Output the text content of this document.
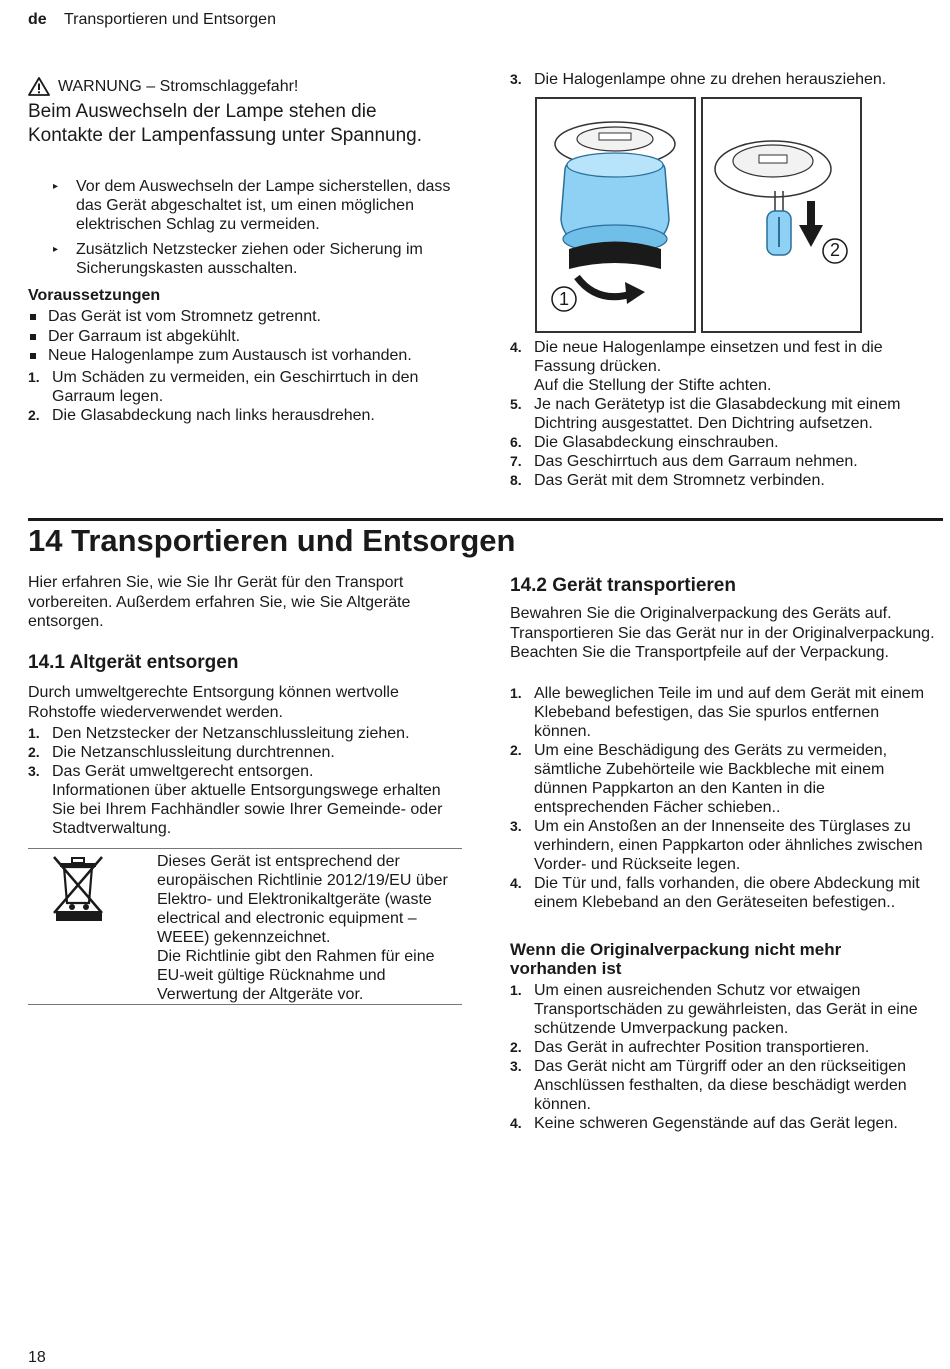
de Transportieren und Entsorgen
WARNUNG – Stromschlaggefahr!
Beim Auswechseln der Lampe stehen die Kontakte der Lampenfassung unter Spannung.
▸	Vor dem Auswechseln der Lampe sicherstellen, dass das Gerät abgeschaltet ist, um einen möglichen elektrischen Schlag zu vermeiden.
▸	Zusätzlich Netzstecker ziehen oder Sicherung im Sicherungskasten ausschalten.
Voraussetzungen
Das Gerät ist vom Stromnetz getrennt.
Der Garraum ist abgekühlt.
Neue Halogenlampe zum Austausch ist vorhanden.
1. Um Schäden zu vermeiden, ein Geschirrtuch in den Garraum legen.
2. Die Glasabdeckung nach links herausdrehen.
3. Die Halogenlampe ohne zu drehen herausziehen.
1
2
4. Die neue Halogenlampe einsetzen und fest in die Fassung drücken.
Auf die Stellung der Stifte achten.
5. Je nach Gerätetyp ist die Glasabdeckung mit einem Dichtring ausgestattet. Den Dichtring aufsetzen.
6. Die Glasabdeckung einschrauben.
7. Das Geschirrtuch aus dem Garraum nehmen.
8. Das Gerät mit dem Stromnetz verbinden.
14 Transportieren und Entsorgen
Hier erfahren Sie, wie Sie Ihr Gerät für den Transport vorbereiten. Außerdem erfahren Sie, wie Sie Altgeräte entsorgen.
14.1 Altgerät entsorgen
Durch umweltgerechte Entsorgung können wertvolle Rohstoffe wiederverwendet werden.
1. Den Netzstecker der Netzanschlussleitung ziehen.
2. Die Netzanschlussleitung durchtrennen.
3. Das Gerät umweltgerecht entsorgen.
Informationen über aktuelle Entsorgungswege erhalten Sie bei Ihrem Fachhändler sowie Ihrer Gemeinde- oder Stadtverwaltung.
Dieses Gerät ist entsprechend der europäischen Richtlinie 2012/19/EU über Elektro- und Elektronikaltgeräte (waste electrical and electronic equipment – WEEE) gekennzeichnet.
Die Richtlinie gibt den Rahmen für eine EU-weit gültige Rücknahme und Verwertung der Altgeräte vor.
14.2 Gerät transportieren
Bewahren Sie die Originalverpackung des Geräts auf. Transportieren Sie das Gerät nur in der Originalverpackung. Beachten Sie die Transportpfeile auf der Verpackung.
1. Alle beweglichen Teile im und auf dem Gerät mit einem Klebeband befestigen, das Sie spurlos entfernen können.
2. Um eine Beschädigung des Geräts zu vermeiden, sämtliche Zubehörteile wie Backbleche mit einem dünnen Pappkarton an den Kanten in die entsprechenden Fächer schieben..
3. Um ein Anstoßen an der Innenseite des Türglases zu verhindern, einen Pappkarton oder ähnliches zwischen Vorder- und Rückseite legen.
4. Die Tür und, falls vorhanden, die obere Abdeckung mit einem Klebeband an den Geräteseiten befestigen..
Wenn die Originalverpackung nicht mehr vorhanden ist
1. Um einen ausreichenden Schutz vor etwaigen Transportschäden zu gewährleisten, das Gerät in eine schützende Umverpackung packen.
2. Das Gerät in aufrechter Position transportieren.
3. Das Gerät nicht am Türgriff oder an den rückseitigen Anschlüssen festhalten, da diese beschädigt werden können.
4. Keine schweren Gegenstände auf das Gerät legen.
18
